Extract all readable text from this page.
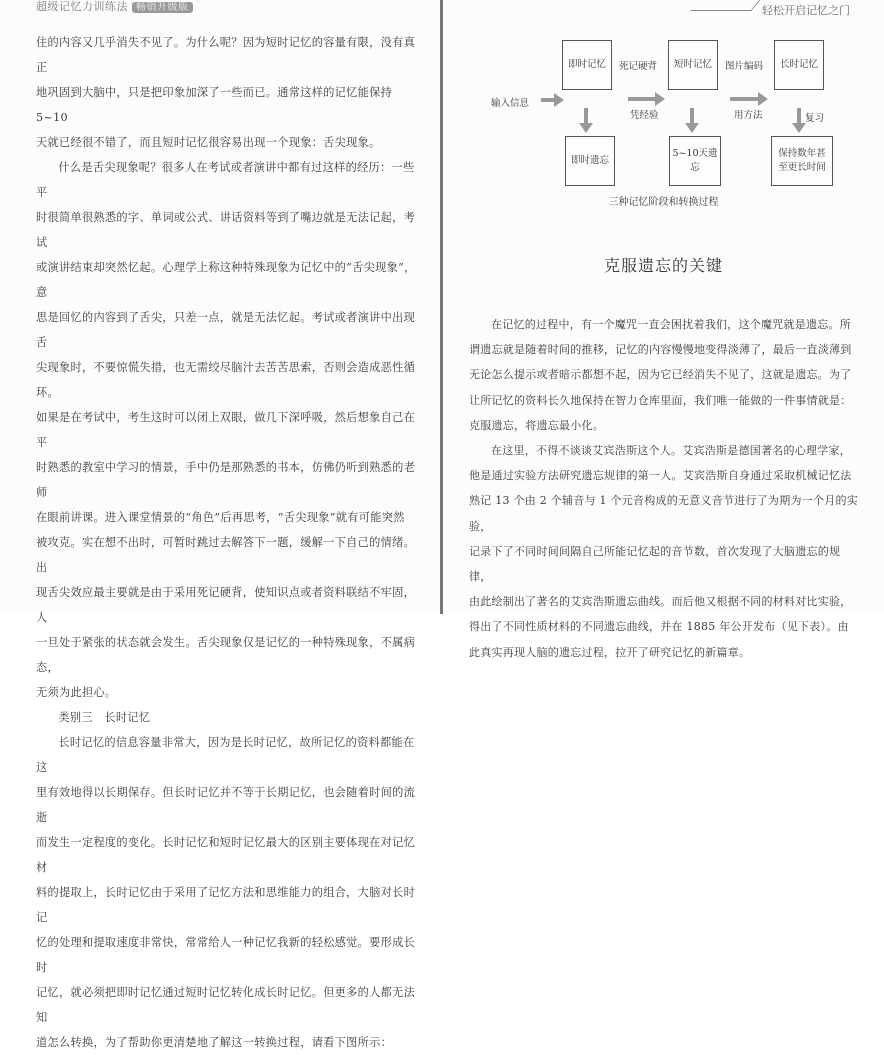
超级记忆力训练法 畅销升级版

住的内容又几乎消失不见了。为什么呢？因为短时记忆的容量有限，没有真正

地巩固到大脑中，只是把印象加深了一些而已。通常这样的记忆能保持 5~10

天就已经很不错了，而且短时记忆很容易出现一个现象：舌尖现象。

什么是舌尖现象呢？很多人在考试或者演讲中都有过这样的经历：一些平

时很简单很熟悉的字、单词或公式、讲话资料等到了嘴边就是无法记起，考试

或演讲结束却突然忆起。心理学上称这种特殊现象为记忆中的“舌尖现象”，意

思是回忆的内容到了舌尖，只差一点，就是无法忆起。考试或者演讲中出现舌

尖现象时，不要惊慌失措，也无需绞尽脑汁去苦苦思索，否则会造成恶性循环。

如果是在考试中，考生这时可以闭上双眼，做几下深呼吸，然后想象自己在平

时熟悉的教室中学习的情景，手中仍是那熟悉的书本，仿佛仍听到熟悉的老师

在眼前讲课。进入课堂情景的“角色”后再思考，“舌尖现象”就有可能突然

被攻克。实在想不出时，可暂时跳过去解答下一题，缓解一下自己的情绪。出

现舌尖效应最主要就是由于采用死记硬背，使知识点或者资料联结不牢固，人

一旦处于紧张的状态就会发生。舌尖现象仅是记忆的一种特殊现象，不属病态，

无须为此担心。

类别三　长时记忆

长时记忆的信息容量非常大，因为是长时记忆，故所记忆的资料都能在这

里有效地得以长期保存。但长时记忆并不等于长期记忆，也会随着时间的流逝

而发生一定程度的变化。长时记忆和短时记忆最大的区别主要体现在对记忆材

料的提取上，长时记忆由于采用了记忆方法和思维能力的组合，大脑对长时记

忆的处理和提取速度非常快，常常给人一种记忆我新的轻松感觉。要形成长时

记忆，就必须把即时记忆通过短时记忆转化成长时记忆。但更多的人都无法知

道怎么转换，为了帮助你更清楚地了解这一转换过程，请看下图所示：

轻松开启记忆之门
输入信息
即时记忆	死记硬背
凭经验
短时记忆	图片编码
用方法
长时记忆
复习
即时遗忘
5~10天遗忘
保持数年甚至更长时间
三种记忆阶段和转换过程
克服遗忘的关键

在记忆的过程中，有一个魔咒一直会困扰着我们，这个魔咒就是遗忘。所

谓遗忘就是随着时间的推移，记忆的内容慢慢地变得淡薄了，最后一直淡薄到

无论怎么提示或者暗示都想不起，因为它已经消失不见了，这就是遗忘。为了

让所记忆的资料长久地保持在智力仓库里面，我们唯一能做的一件事情就是：

克服遗忘，将遗忘最小化。

在这里，不得不谈谈艾宾浩斯这个人。艾宾浩斯是德国著名的心理学家，

他是通过实验方法研究遗忘规律的第一人。艾宾浩斯自身通过采取机械记忆法

熟记 13 个由 2 个辅音与 1 个元音构成的无意义音节进行了为期为一个月的实验，

记录下了不同时间间隔自己所能记忆起的音节数，首次发现了大脑遗忘的规律，

由此绘制出了著名的艾宾浩斯遗忘曲线。而后他又根据不同的材料对比实验，

得出了不同性质材料的不同遗忘曲线，并在 1885 年公开发布（见下表）。由

此真实再现人脑的遗忘过程，拉开了研究记忆的新篇章。
